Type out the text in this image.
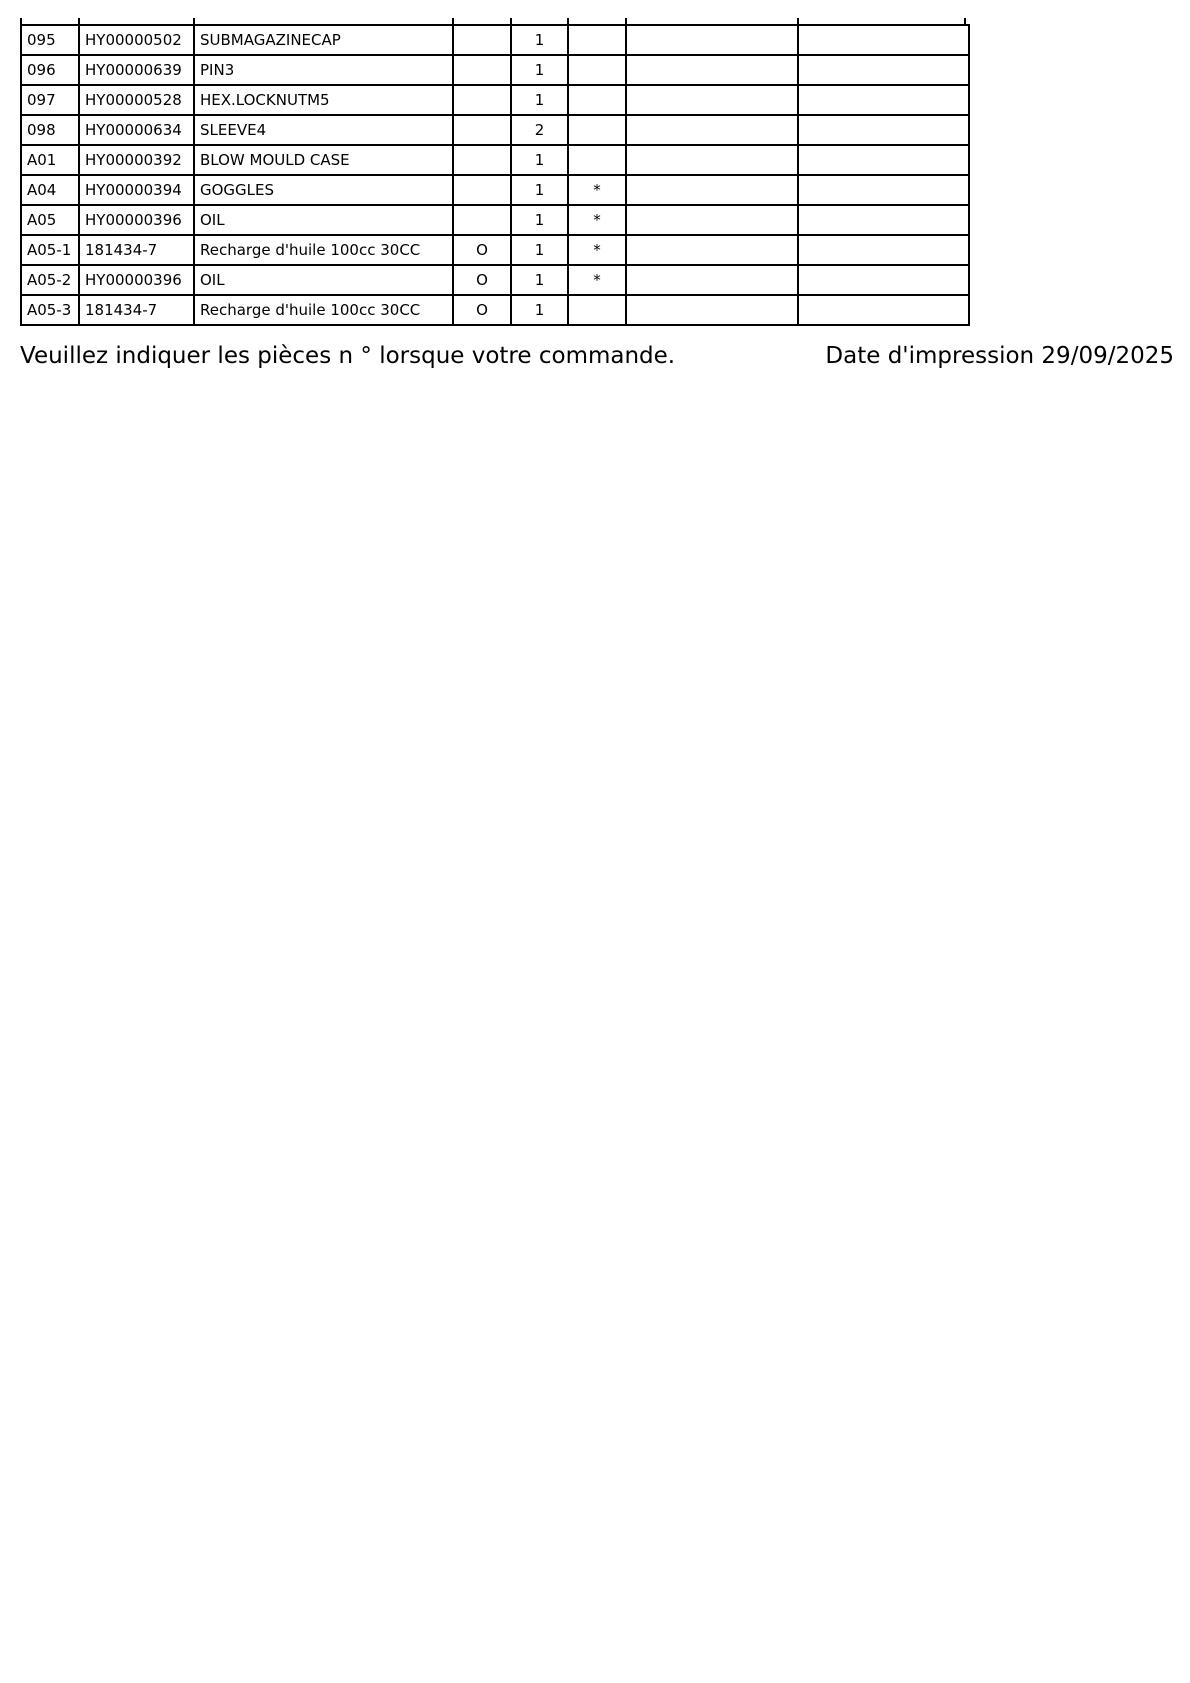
095	HY00000502	SUBMAGAZINECAP		1			
096	HY00000639	PIN3		1			
097	HY00000528	HEX.LOCKNUTM5		1			
098	HY00000634	SLEEVE4		2			
A01	HY00000392	BLOW MOULD CASE		1			
A04	HY00000394	GOGGLES		1	*		
A05	HY00000396	OIL		1	*		
A05-1	181434-7	Recharge d'huile 100cc 30CC	O	1	*		
A05-2	HY00000396	OIL	O	1	*		
A05-3	181434-7	Recharge d'huile 100cc 30CC	O	1			
Veuillez indiquer les pièces n ° lorsque votre commande.	Date d'impression 29/09/2025
